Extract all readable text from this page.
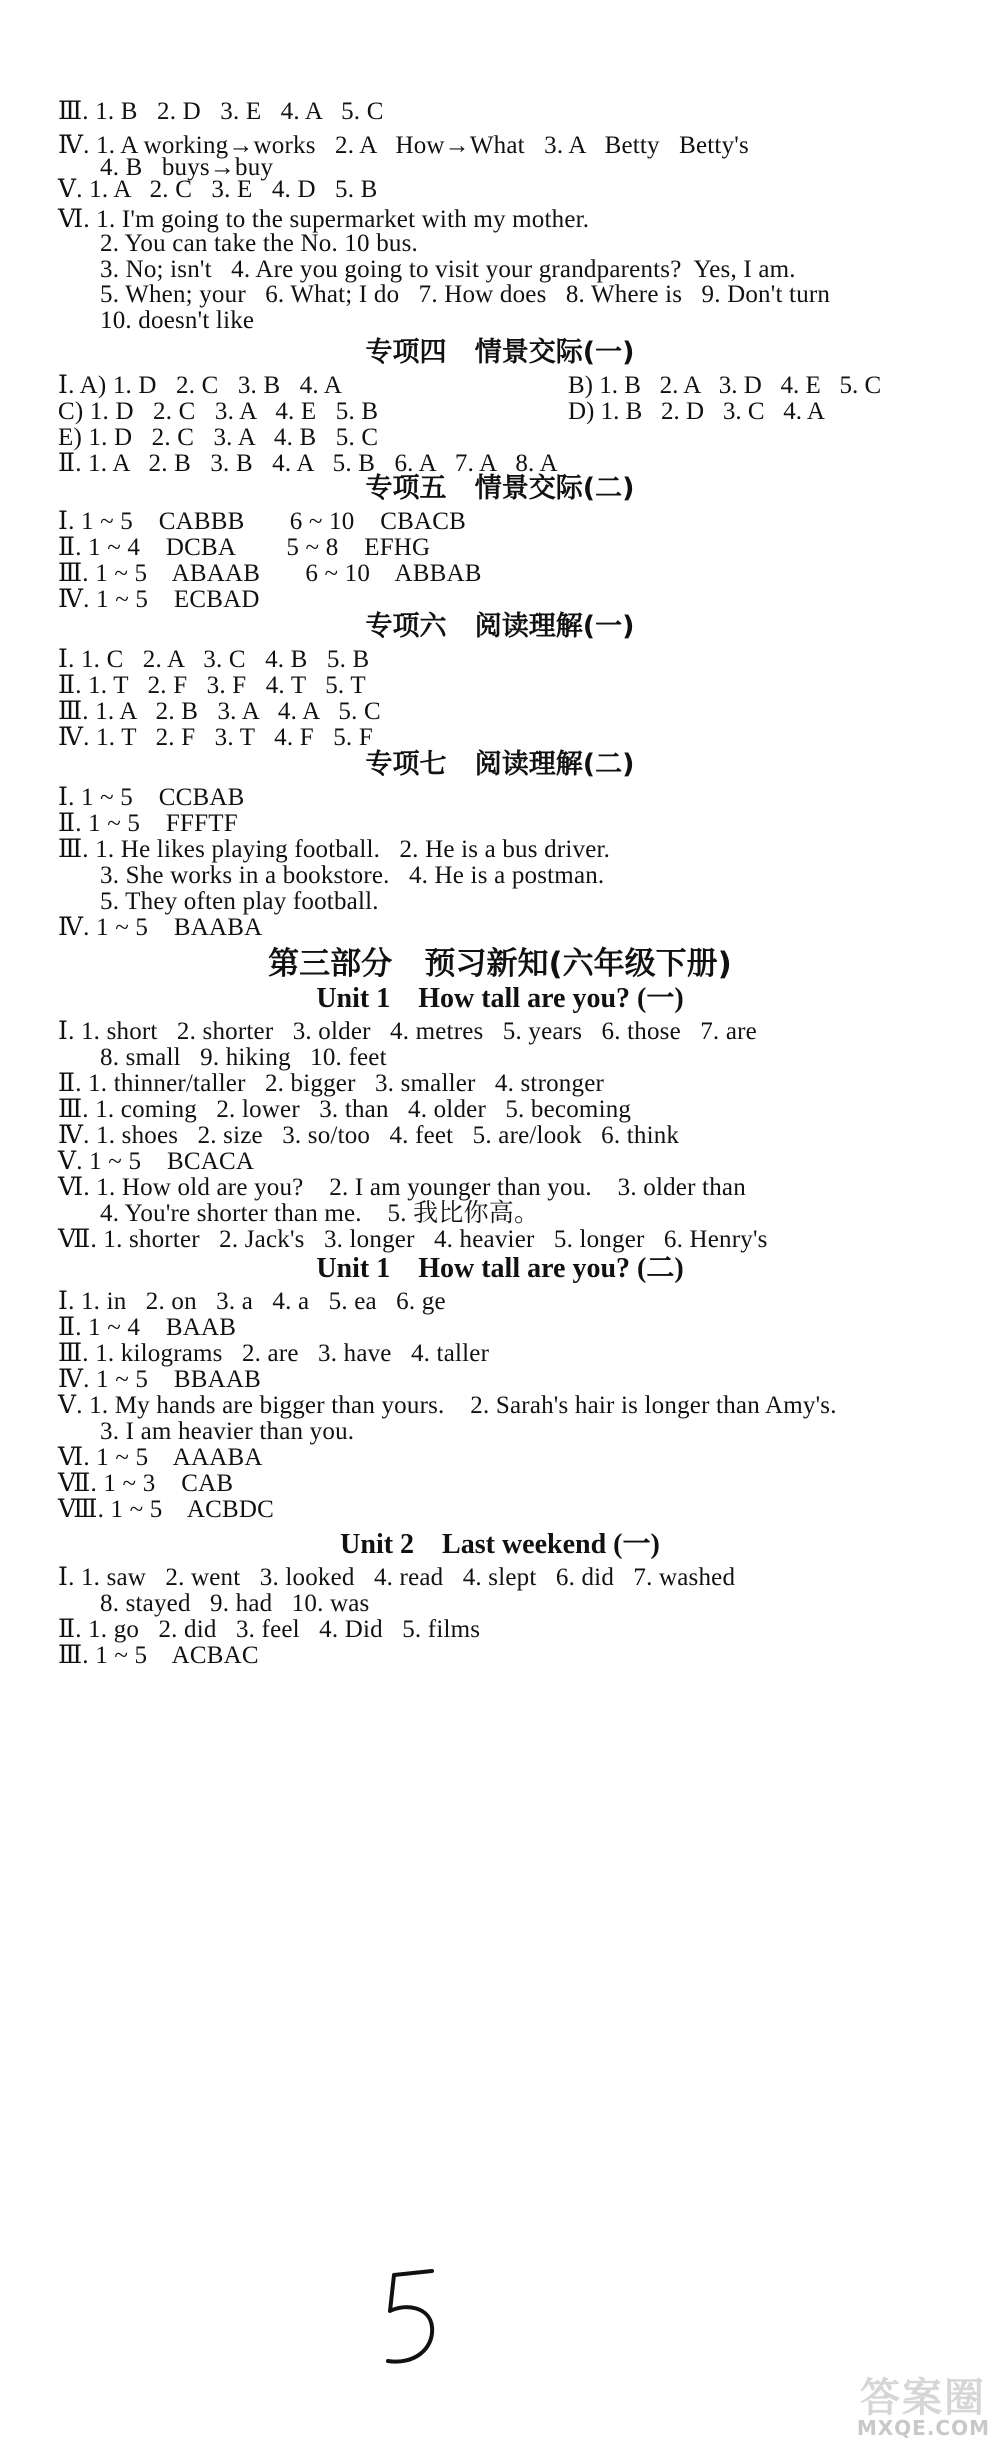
Ⅲ. 1. B   2. D   3. E   4. A   5. C
Ⅳ. 1. A working→works   2. A   How→What   3. A   Betty   Betty's
4. B   buys→buy
Ⅴ. 1. A   2. C   3. E   4. D   5. B
Ⅵ. 1. I'm going to the supermarket with my mother.
2. You can take the No. 10 bus.
3. No; isn't   4. Are you going to visit your grandparents?  Yes, I am.
5. When; your   6. What; I do   7. How does   8. Where is   9. Don't turn
10. doesn't like
专项四   情景交际(一)
Ⅰ. A) 1. D   2. C   3. B   4. A	B) 1. B   2. A   3. D   4. E   5. C
C) 1. D   2. C   3. A   4. E   5. B	D) 1. B   2. D   3. C   4. A
E) 1. D   2. C   3. A   4. B   5. C
Ⅱ. 1. A   2. B   3. B   4. A   5. B   6. A   7. A   8. A
专项五   情景交际(二)
Ⅰ. 1 ~ 5    CABBB       6 ~ 10    CBACB
Ⅱ. 1 ~ 4    DCBA        5 ~ 8    EFHG
Ⅲ. 1 ~ 5    ABAAB       6 ~ 10    ABBAB
Ⅳ. 1 ~ 5    ECBAD
专项六   阅读理解(一)
Ⅰ. 1. C   2. A   3. C   4. B   5. B
Ⅱ. 1. T   2. F   3. F   4. T   5. T
Ⅲ. 1. A   2. B   3. A   4. A   5. C
Ⅳ. 1. T   2. F   3. T   4. F   5. F
专项七   阅读理解(二)
Ⅰ. 1 ~ 5    CCBAB
Ⅱ. 1 ~ 5    FFFTF
Ⅲ. 1. He likes playing football.   2. He is a bus driver.
3. She works in a bookstore.   4. He is a postman.
5. They often play football.
Ⅳ. 1 ~ 5    BAABA
第三部分   预习新知(六年级下册)
Unit 1    How tall are you? (一)
Ⅰ. 1. short   2. shorter   3. older   4. metres   5. years   6. those   7. are
8. small   9. hiking   10. feet
Ⅱ. 1. thinner/taller   2. bigger   3. smaller   4. stronger
Ⅲ. 1. coming   2. lower   3. than   4. older   5. becoming
Ⅳ. 1. shoes   2. size   3. so/too   4. feet   5. are/look   6. think
Ⅴ. 1 ~ 5    BCACA
Ⅵ. 1. How old are you?    2. I am younger than you.    3. older than
4. You're shorter than me.    5. 我比你高。
Ⅶ. 1. shorter   2. Jack's   3. longer   4. heavier   5. longer   6. Henry's
Unit 1    How tall are you? (二)
Ⅰ. 1. in   2. on   3. a   4. a   5. ea   6. ge
Ⅱ. 1 ~ 4    BAAB
Ⅲ. 1. kilograms   2. are   3. have   4. taller
Ⅳ. 1 ~ 5    BBAAB
Ⅴ. 1. My hands are bigger than yours.    2. Sarah's hair is longer than Amy's.
3. I am heavier than you.
Ⅵ. 1 ~ 5    AAABA
Ⅶ. 1 ~ 3    CAB
Ⅷ. 1 ~ 5    ACBDC
Unit 2    Last weekend (一)
Ⅰ. 1. saw   2. went   3. looked   4. read   4. slept   6. did   7. washed
8. stayed   9. had   10. was
Ⅱ. 1. go   2. did   3. feel   4. Did   5. films
Ⅲ. 1 ~ 5    ACBAC
答案圈
MXQE.COM
